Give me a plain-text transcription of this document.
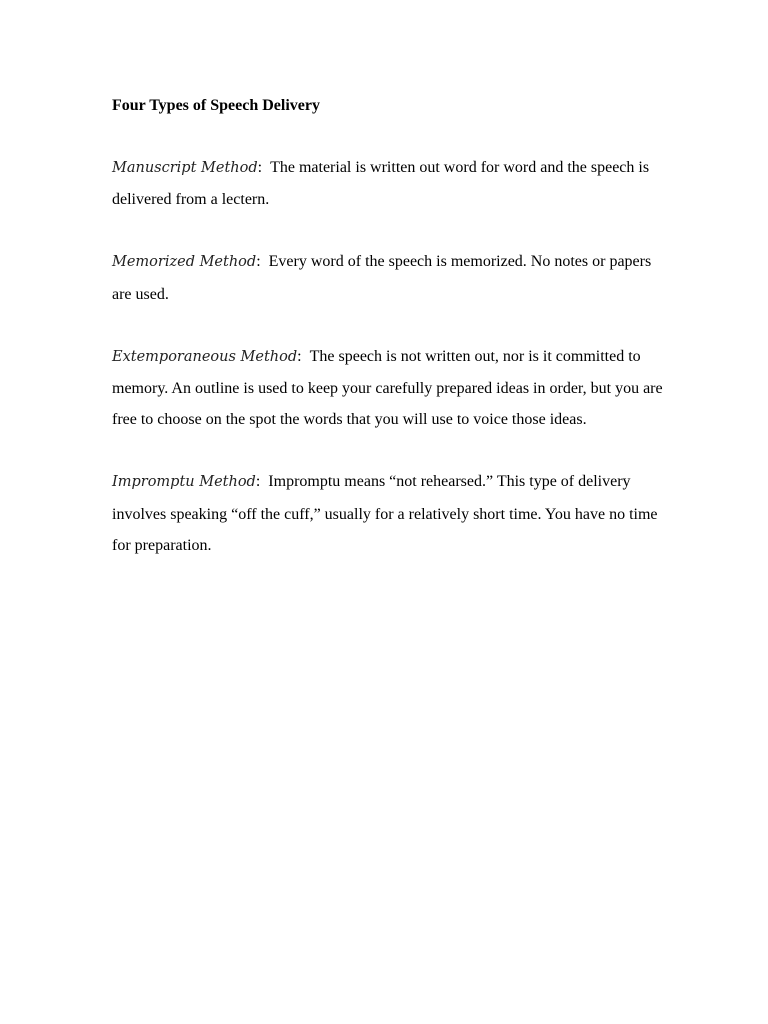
Four Types of Speech Delivery
Manuscript Method:  The material is written out word for word and the speech is delivered from a lectern.
Memorized Method:  Every word of the speech is memorized. No notes or papers are used.
Extemporaneous Method:  The speech is not written out, nor is it committed to memory. An outline is used to keep your carefully prepared ideas in order, but you are free to choose on the spot the words that you will use to voice those ideas.
Impromptu Method:  Impromptu means “not rehearsed.” This type of delivery involves speaking “off the cuff,” usually for a relatively short time. You have no time for preparation.
